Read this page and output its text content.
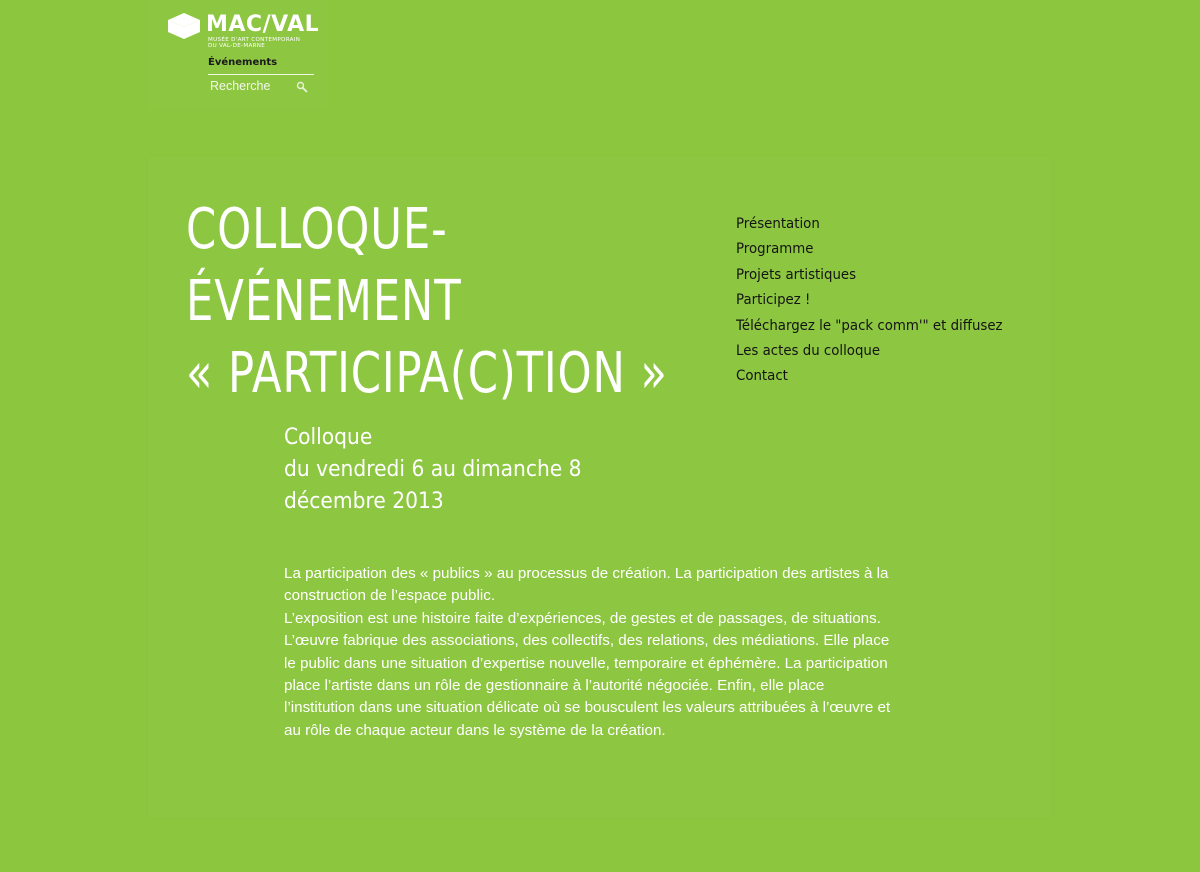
MAC/VAL
MUSÉE D'ART CONTEMPORAIN
DU VAL-DE-MARNE
Événements
Recherche
COLLOQUE-
ÉVÉNEMENT
« PARTICIPA(C)TION »
Colloque
du vendredi 6 au dimanche 8
décembre 2013

La participation des « publics » au processus de création. La participation des artistes à la construction de l’espace public.

L’exposition est une histoire faite d’expériences, de gestes et de passages, de situations. L’œuvre fabrique des associations, des collectifs, des relations, des médiations. Elle place le public dans une situation d’expertise nouvelle, temporaire et éphémère. La participation place l’artiste dans un rôle de gestionnaire à l’autorité négociée. Enfin, elle place l’institution dans une situation délicate où se bousculent les valeurs attribuées à l’œuvre et au rôle de chaque acteur dans le système de la création.

Présentation
Programme
Projets artistiques
Participez !
Téléchargez le "pack comm'" et diffusez
Les actes du colloque
Contact
